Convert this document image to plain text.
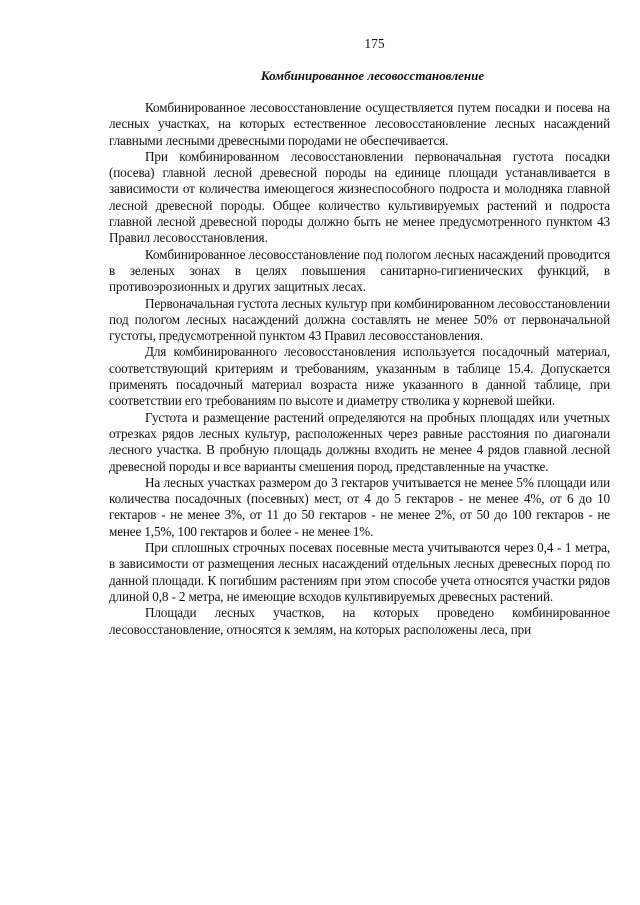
175
Комбинированное лесовосстановление

Комбинированное лесовосстановление осуществляется путем посадки и посева на лесных участках, на которых естественное лесовосстановление лесных насаждений главными лесными древесными породами не обеспечивается.

При комбинированном лесовосстановлении первоначальная густота посадки (посева) главной лесной древесной породы на единице площади устанавливается в зависимости от количества имеющегося жизнеспособного подроста и молодняка главной лесной древесной породы. Общее количество культивируемых растений и подроста главной лесной древесной породы должно быть не менее предусмотренного пунктом 43 Правил лесовосстановления.

Комбинированное лесовосстановление под пологом лесных насаждений проводится в зеленых зонах в целях повышения санитарно-гигиенических функций, в противоэрозионных и других защитных лесах.

Первоначальная густота лесных культур при комбинированном лесовосстановлении под пологом лесных насаждений должна составлять не менее 50% от первоначальной густоты, предусмотренной пунктом 43 Правил лесовосстановления.

Для комбинированного лесовосстановления используется посадочный материал, соответствующий критериям и требованиям, указанным в таблице 15.4. Допускается применять посадочный материал возраста ниже указанного в данной таблице, при соответствии его требованиям по высоте и диаметру стволика у корневой шейки.

Густота и размещение растений определяются на пробных площадях или учетных отрезках рядов лесных культур, расположенных через равные расстояния по диагонали лесного участка. В пробную площадь должны входить не менее 4 рядов главной лесной древесной породы и все варианты смешения пород, представленные на участке.

На лесных участках размером до 3 гектаров учитывается не менее 5% площади или количества посадочных (посевных) мест, от 4 до 5 гектаров - не менее 4%, от 6 до 10 гектаров - не менее 3%, от 11 до 50 гектаров - не менее 2%, от 50 до 100 гектаров - не менее 1,5%, 100 гектаров и более - не менее 1%.

При сплошных строчных посевах посевные места учитываются через 0,4 - 1 метра, в зависимости от размещения лесных насаждений отдельных лесных древесных пород по данной площади. К погибшим растениям при этом способе учета относятся участки рядов длиной 0,8 - 2 метра, не имеющие всходов культивируемых древесных растений.

Площади лесных участков, на которых проведено комбинированное лесовосстановление, относятся к землям, на которых расположены леса, при
